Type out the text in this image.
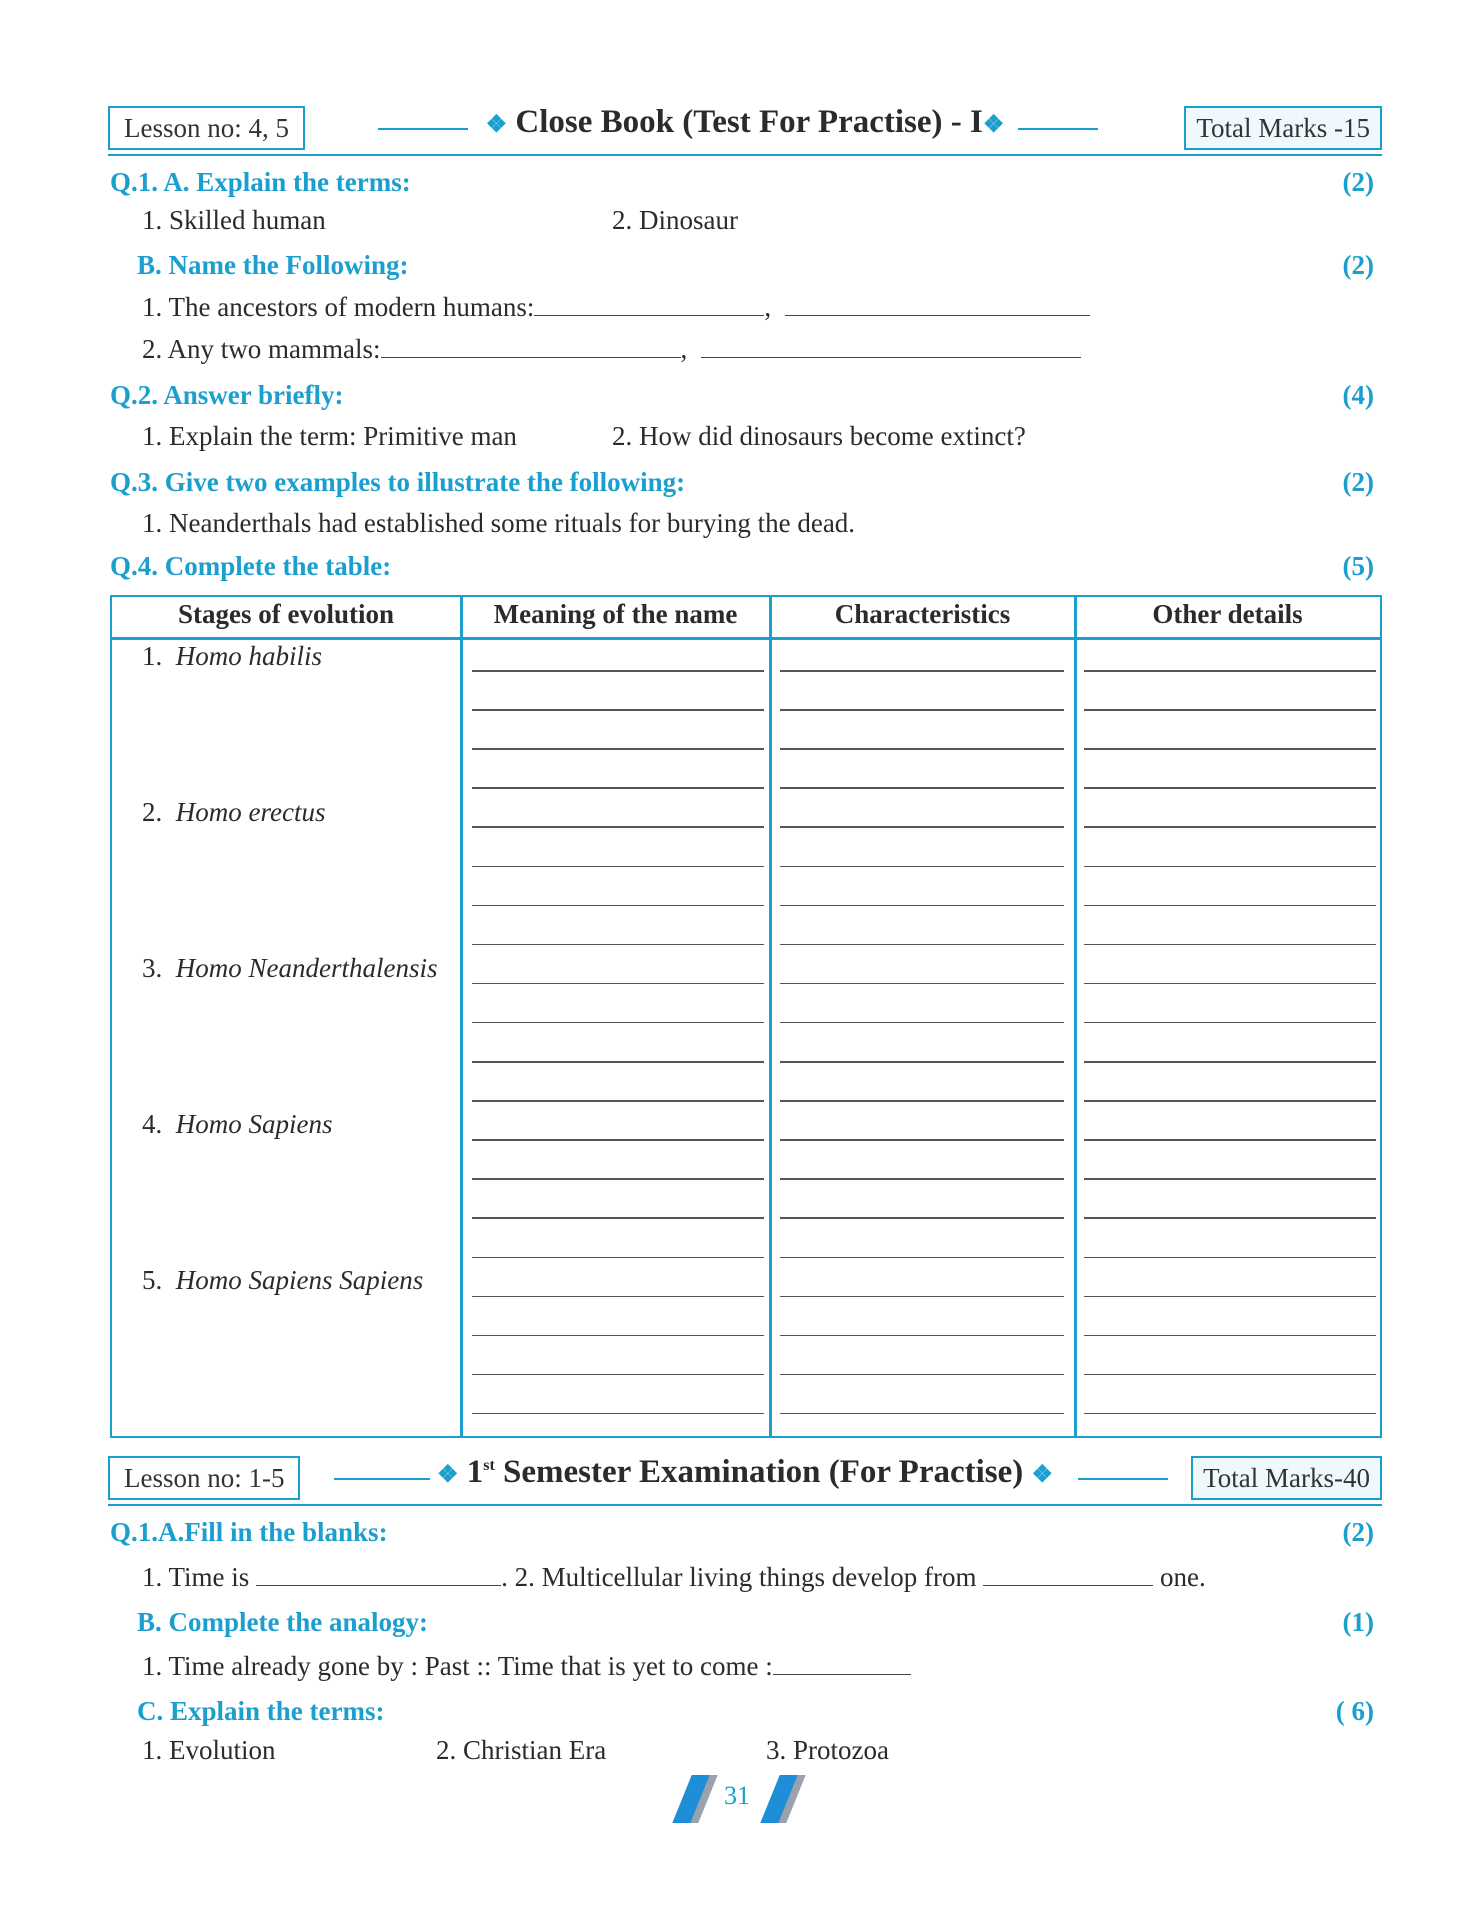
Lesson no: 4, 5	❖ Close Book (Test For Practise) - I❖	Total Marks -15
Q.1. A. Explain the terms:	(2)
1. Skilled human	2. Dinosaur
B. Name the Following:	(2)
1. The ancestors of modern humans:	,
2. Any two mammals:	,
Q.2. Answer briefly:	(4)
1. Explain the term: Primitive man	2. How did dinosaurs become extinct?
Q.3. Give two examples to illustrate the following:	(2)
1. Neanderthals had established some rituals for burying the dead.
Q.4. Complete the table:	(5)
Stages of evolution	Meaning of the name	Characteristics	Other details
1. Homo habilis
2. Homo erectus
3. Homo Neanderthalensis
4. Homo Sapiens
5. Homo Sapiens Sapiens
Lesson no: 1-5	❖ 1st Semester Examination (For Practise) ❖	Total Marks-40
Q.1.A.Fill in the blanks:	(2)
1. Time is	. 2. Multicellular living things develop from	one.
B. Complete the analogy:	(1)
1. Time already gone by : Past :: Time that is yet to come :
C. Explain the terms:	( 6)
1. Evolution	2. Christian Era	3. Protozoa
31
